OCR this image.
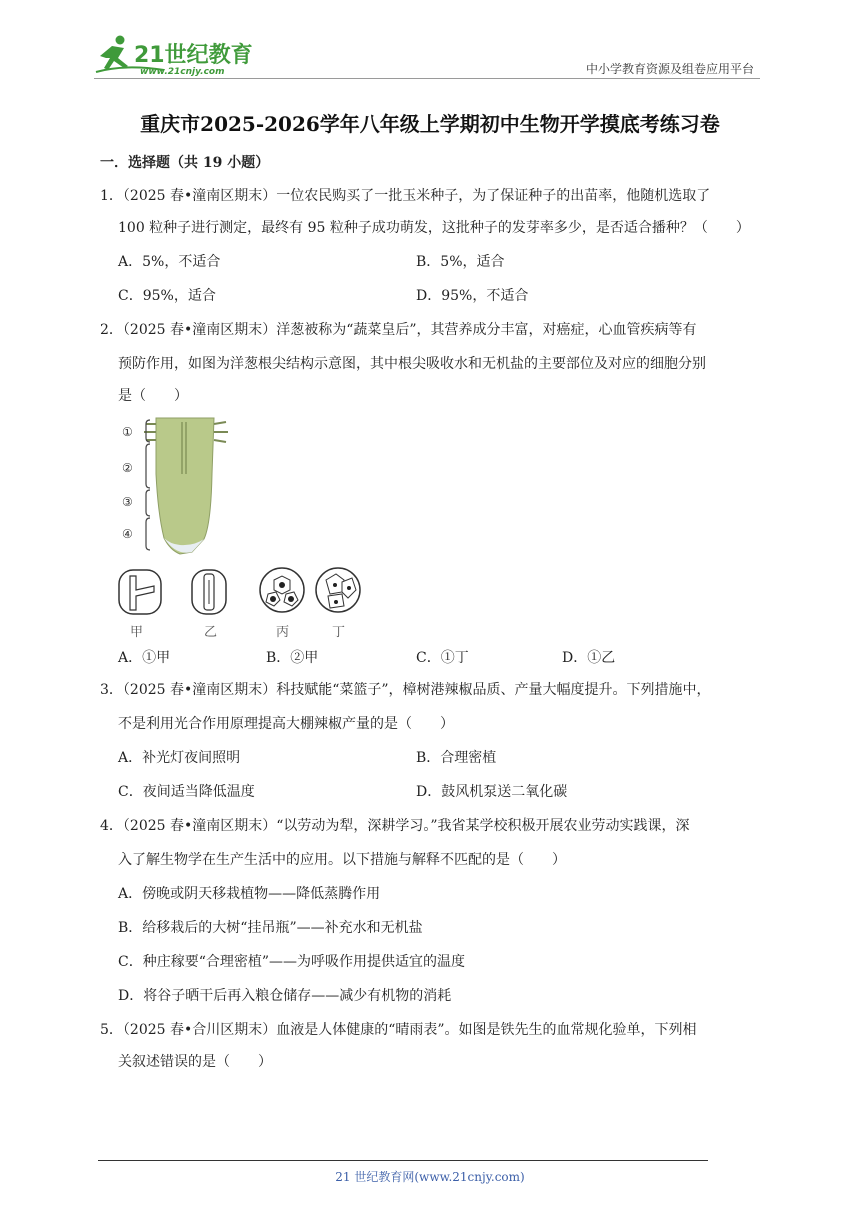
21世纪教育
www.21cnjy.com	中小学教育资源及组卷应用平台
重庆市2025-2026学年八年级上学期初中生物开学摸底考练习卷
一．选择题（共 19 小题）
1．（2025 春•潼南区期末）一位农民购买了一批玉米种子，为了保证种子的出苗率，他随机选取了
100 粒种子进行测定，最终有 95 粒种子成功萌发，这批种子的发芽率多少，是否适合播种？（　　）
A．5%，不适合	B．5%，适合
C．95%，适合	D．95%，不适合
2．（2025 春•潼南区期末）洋葱被称为“蔬菜皇后”，其营养成分丰富，对癌症，心血管疾病等有
预防作用，如图为洋葱根尖结构示意图，其中根尖吸收水和无机盐的主要部位及对应的细胞分别
是（　　）
①
②
③
④
甲	乙	丙	丁
A．①甲	B．②甲	C．①丁	D．①乙
3．（2025 春•潼南区期末）科技赋能“菜篮子”，樟树港辣椒品质、产量大幅度提升。下列措施中，
不是利用光合作用原理提高大棚辣椒产量的是（　　）
A．补光灯夜间照明	B．合理密植
C．夜间适当降低温度	D．鼓风机泵送二氧化碳
4．（2025 春•潼南区期末）“以劳动为犁，深耕学习。”我省某学校积极开展农业劳动实践课，深
入了解生物学在生产生活中的应用。以下措施与解释不匹配的是（　　）
A．傍晚或阴天移栽植物——降低蒸腾作用
B．给移栽后的大树“挂吊瓶”——补充水和无机盐
C．种庄稼要“合理密植”——为呼吸作用提供适宜的温度
D．将谷子晒干后再入粮仓储存——减少有机物的消耗
5．（2025 春•合川区期末）血液是人体健康的“晴雨表”。如图是铁先生的血常规化验单，下列相
关叙述错误的是（　　）
21 世纪教育网(www.21cnjy.com)
